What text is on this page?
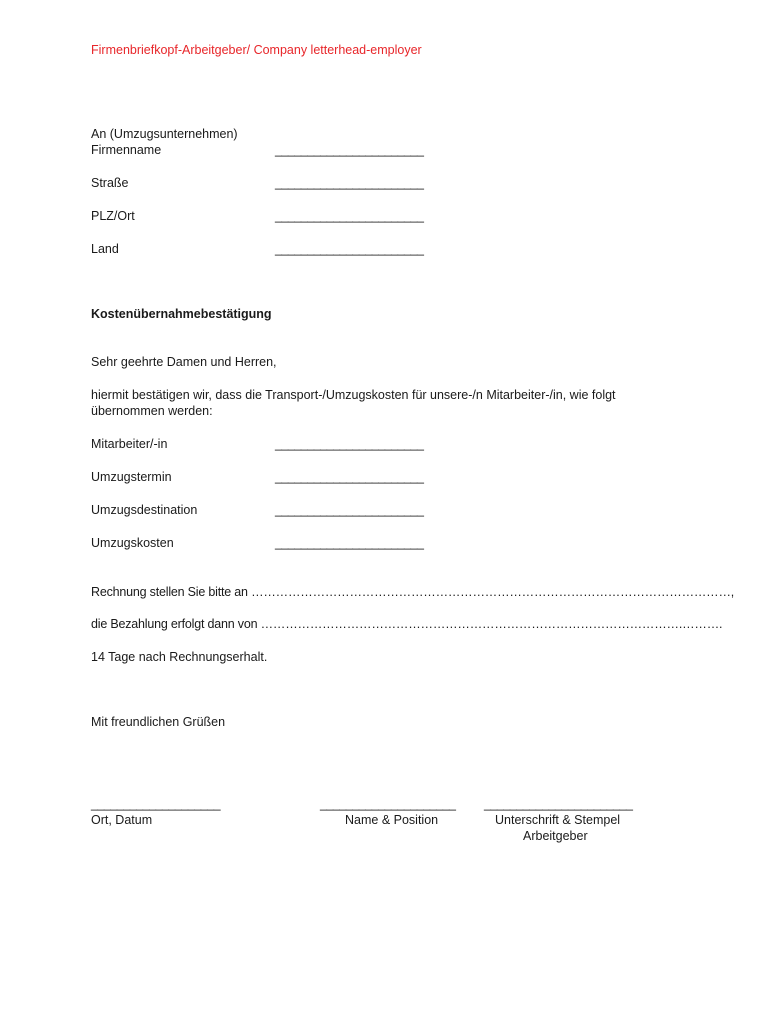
Firmenbriefkopf-Arbeitgeber/ Company letterhead-employer
An (Umzugsunternehmen)
Firmenname	_______________________
Straße	_______________________
PLZ/Ort	_______________________
Land	_______________________
Kostenübernahmebestätigung
Sehr geehrte Damen und Herren,
hiermit bestätigen wir, dass die Transport-/Umzugskosten für unsere-/n Mitarbeiter-/in, wie folgt
übernommen werden:
Mitarbeiter/-in	_______________________
Umzugstermin	_______________________
Umzugsdestination	_______________________
Umzugskosten	_______________________
Rechnung stellen Sie bitte an ………………………………………………………………………………………………………,
die Bezahlung erfolgt dann von ………………………………………………………………………………………….……….
14 Tage nach Rechnungserhalt.
Mit freundlichen Grüßen
____________________
Ort, Datum
_____________________
Name & Position
_______________________
Unterschrift & Stempel
Arbeitgeber
